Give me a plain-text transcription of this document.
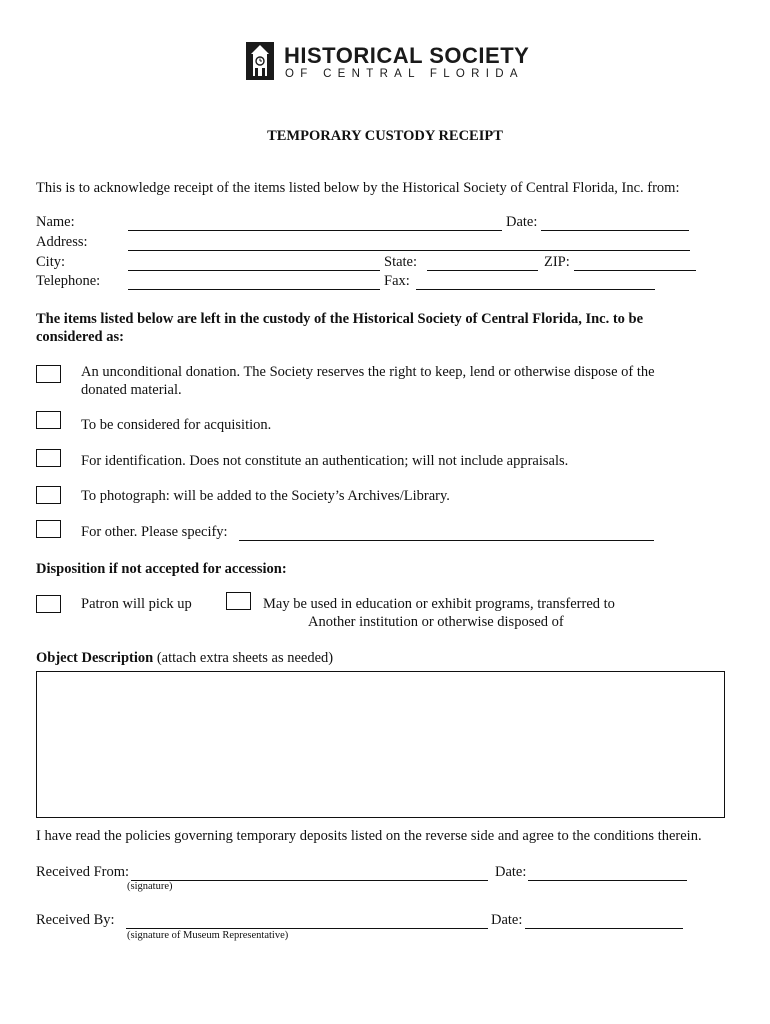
HISTORICAL SOCIETY
OF CENTRAL FLORIDA
TEMPORARY CUSTODY RECEIPT
This is to acknowledge receipt of the items listed below by the Historical Society of Central Florida, Inc. from:
Name:	Date:
Address:
City:	State:	ZIP:
Telephone:	Fax:
The items listed below are left in the custody of the Historical Society of Central Florida, Inc. to be
considered as:
An unconditional donation. The Society reserves the right to keep, lend or otherwise dispose of the
donated material.
To be considered for acquisition.
For identification. Does not constitute an authentication; will not include appraisals.
To photograph: will be added to the Society’s Archives/Library.
For other. Please specify:
Disposition if not accepted for accession:
Patron will pick up	May be used in education or exhibit programs, transferred to
Another institution or otherwise disposed of
Object Description (attach extra sheets as needed)
I have read the policies governing temporary deposits listed on the reverse side and agree to the conditions therein.
Received From:	Date:
(signature)
Received By:	Date:
(signature of Museum Representative)
